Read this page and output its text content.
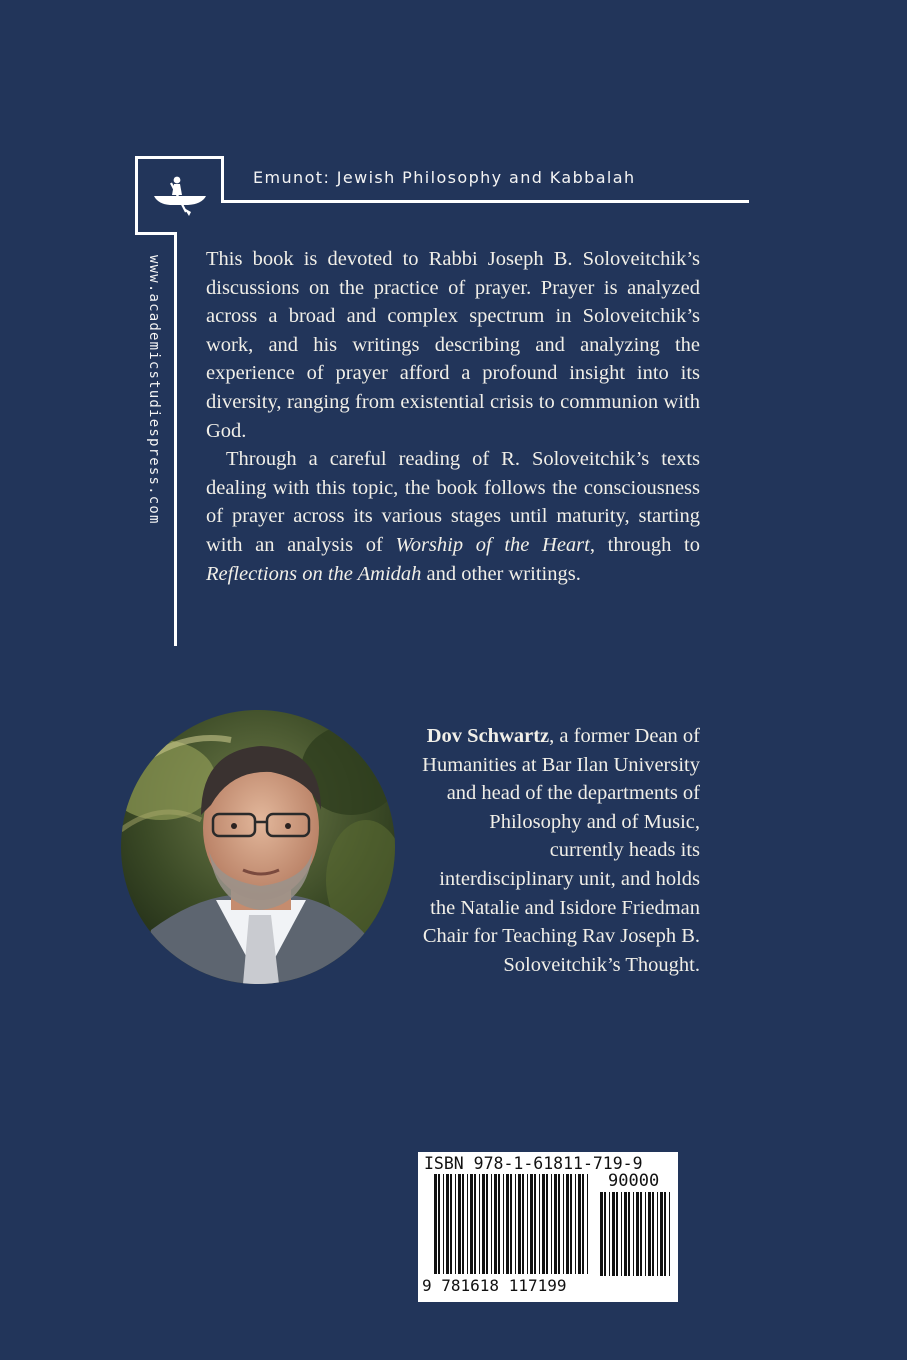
Emunot: Jewish Philosophy and Kabbalah
www.academicstudiespress.com This book is devoted to Rabbi Joseph B. Soloveitchik’s discussions on the practice of prayer. Prayer is analyzed across a broad and complex spectrum in Soloveitchik’s work, and his writings describing and analyzing the experience of prayer afford a profound insight into its diversity, ranging from existential crisis to communion with God.

Through a careful reading of R. Soloveitchik’s texts dealing with this topic, the book follows the consciousness of prayer across its various stages until maturity, starting with an analysis of Worship of the Heart, through to Reflections on the Amidah and other writings.

Dov Schwartz, a former Dean of Humanities at Bar Ilan University and head of the departments of Philosophy and of Music, currently heads its interdisciplinary unit, and holds the Natalie and Isidore Friedman Chair for Teaching Rav Joseph B. Soloveitchik’s Thought.
ISBN 978-1-61811-719-9
90000
9 781618 117199
